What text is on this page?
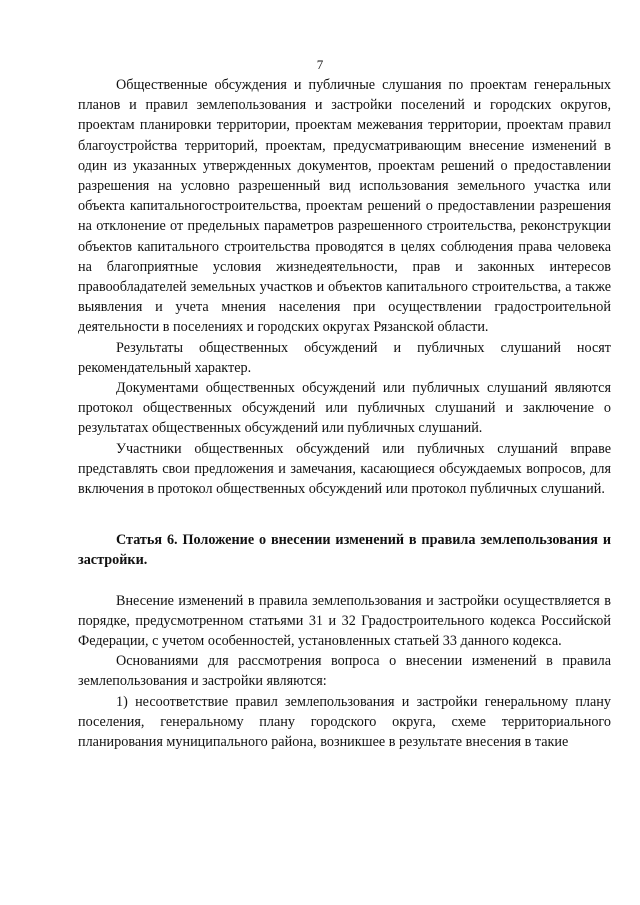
7

Общественные обсуждения и публичные слушания по проектам генеральных планов и правил землепользования и застройки поселений и городских округов, проектам планировки территории, проектам межевания территории, проектам правил благоустройства территорий, проектам, предусматривающим внесение изменений в один из указанных утвержденных документов, проектам решений о предоставлении разрешения на условно разрешенный вид использования земельного участка или объекта капитальногостроительства, проектам решений о предоставлении разрешения на отклонение от предельных параметров разрешенного строительства, реконструкции объектов капитального строительства проводятся в целях соблюдения права человека на благоприятные условия жизнедеятельности, прав и законных интересов правообладателей земельных участков и объектов капитального строительства, а также выявления и учета мнения населения при осуществлении градостроительной деятельности в поселениях и городских округах Рязанской области.

Результаты общественных обсуждений и публичных слушаний носят рекомендательный характер.

Документами общественных обсуждений или публичных слушаний являются протокол общественных обсуждений или публичных слушаний и заключение о результатах общественных обсуждений или публичных слушаний.

Участники общественных обсуждений или публичных слушаний вправе представлять свои предложения и замечания, касающиеся обсуждаемых вопросов, для включения в протокол общественных обсуждений или протокол публичных слушаний.

Статья 6. Положение о внесении изменений в правила землепользования и застройки.

Внесение изменений в правила землепользования и застройки осуществляется в порядке, предусмотренном статьями 31 и 32 Градостроительного кодекса Российской Федерации, с учетом особенностей, установленных статьей 33 данного кодекса.

Основаниями для рассмотрения вопроса о внесении изменений в правила землепользования и застройки являются:

1) несоответствие правил землепользования и застройки генеральному плану поселения, генеральному плану городского округа, схеме территориального планирования муниципального района, возникшее в результате внесения в такие
